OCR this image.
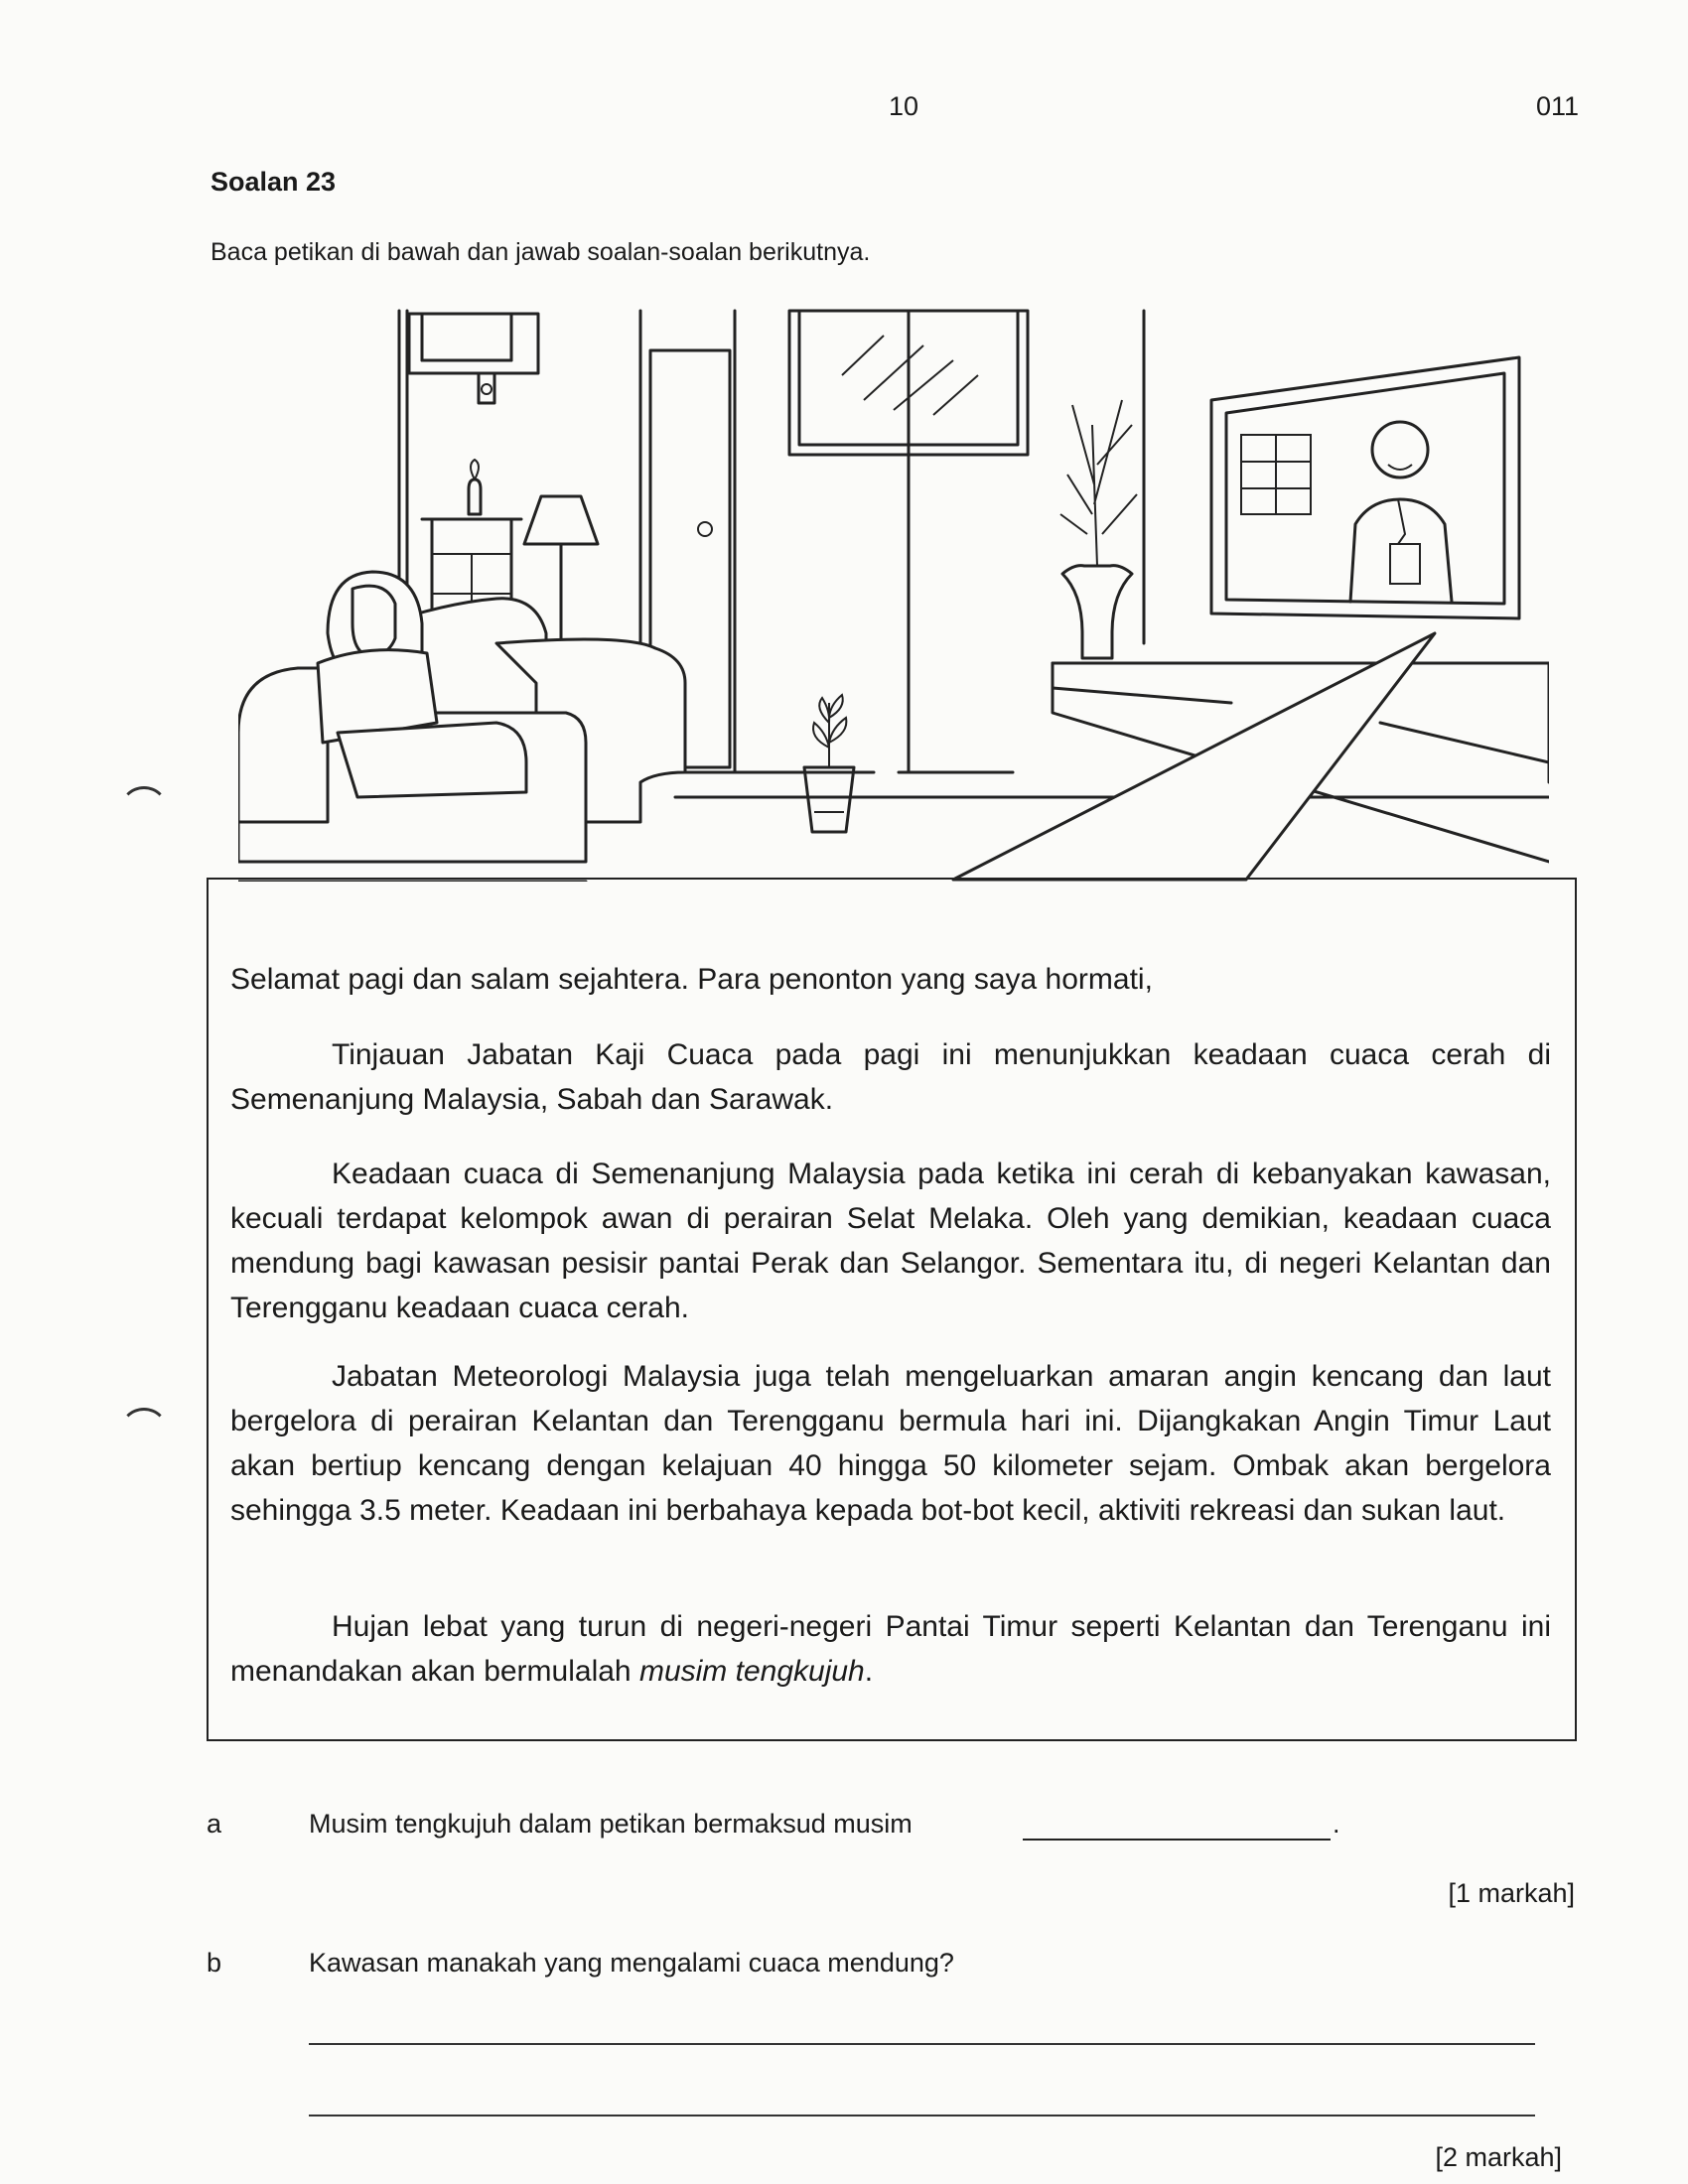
10	011
Soalan 23
Baca petikan di bawah dan jawab soalan-soalan berikutnya.

Selamat pagi dan salam sejahtera. Para penonton yang saya hormati,

Tinjauan Jabatan Kaji Cuaca pada pagi ini menunjukkan keadaan cuaca cerah di Semenanjung Malaysia, Sabah dan Sarawak.

Keadaan cuaca di Semenanjung Malaysia pada ketika ini cerah di kebanyakan kawasan, kecuali terdapat kelompok awan di perairan Selat Melaka. Oleh yang demikian, keadaan cuaca mendung bagi kawasan pesisir pantai Perak dan Selangor. Sementara itu, di negeri Kelantan dan Terengganu keadaan cuaca cerah.

Jabatan Meteorologi Malaysia juga telah mengeluarkan amaran angin kencang dan laut bergelora di perairan Kelantan dan Terengganu bermula hari ini. Dijangkakan Angin Timur Laut akan bertiup kencang dengan kelajuan 40 hingga 50 kilometer sejam. Ombak akan bergelora sehingga 3.5 meter. Keadaan ini berbahaya kepada bot-bot kecil, aktiviti rekreasi dan sukan laut.

Hujan lebat yang turun di negeri-negeri Pantai Timur seperti Kelantan dan Terenganu ini menandakan akan bermulalah musim tengkujuh.

a	Musim tengkujuh dalam petikan bermaksud musim	.
[1 markah]
b	Kawasan manakah yang mengalami cuaca mendung?
[2 markah]
